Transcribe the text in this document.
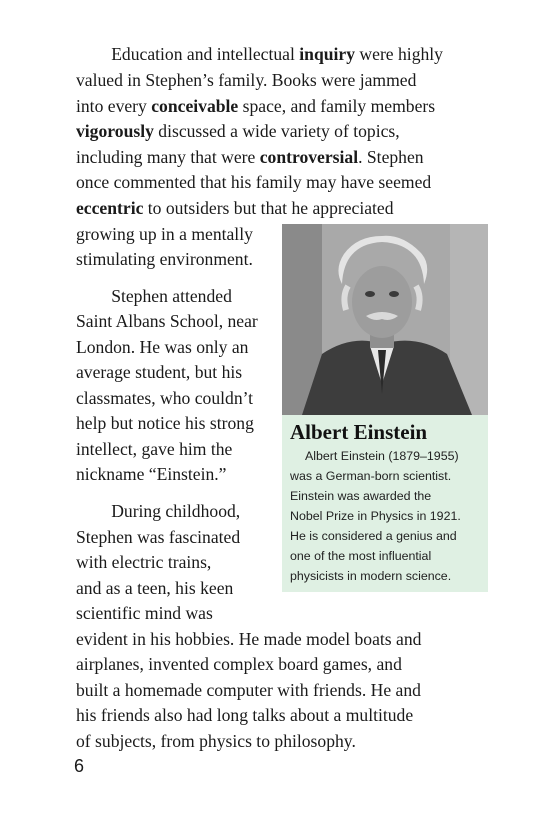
  Education and intellectual inquiry were highly
valued in Stephen’s family. Books were jammed
into every conceivable space, and family members
vigorously discussed a wide variety of topics,
including many that were controversial. Stephen
once commented that his family may have seemed
eccentric to outsiders but that he appreciated
growing up in a mentally
stimulating environment.
  Stephen attended
Saint Albans School, near
London. He was only an
average student, but his
classmates, who couldn’t
help but notice his strong
intellect, gave him the
nickname “Einstein.”
  During childhood,
Stephen was fascinated
with electric trains,
and as a teen, his keen
scientific mind was
evident in his hobbies. He made model boats and
airplanes, invented complex board games, and
built a homemade computer with friends. He and
his friends also had long talks about a multitude
of subjects, from physics to philosophy.
Albert Einstein
Albert Einstein (1879–1955)
was a German-born scientist.
Einstein was awarded the
Nobel Prize in Physics in 1921.
He is considered a genius and
one of the most influential
physicists in modern science.
6
